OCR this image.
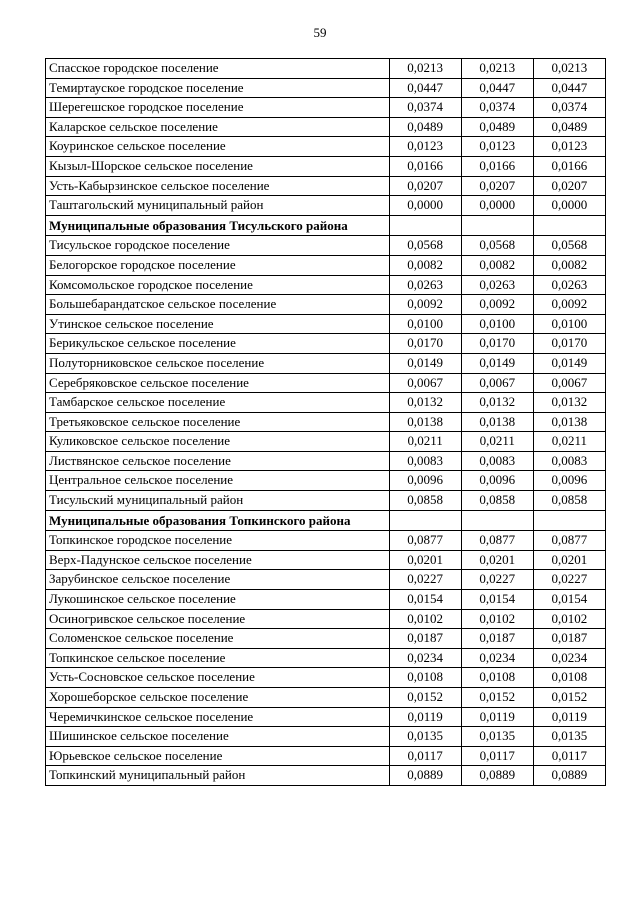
59
Спасское городское поселение	0,0213	0,0213	0,0213
Темиртауское городское поселение	0,0447	0,0447	0,0447
Шерегешское городское поселение	0,0374	0,0374	0,0374
Каларское сельское поселение	0,0489	0,0489	0,0489
Коуринское сельское поселение	0,0123	0,0123	0,0123
Кызыл-Шорское сельское поселение	0,0166	0,0166	0,0166
Усть-Кабырзинское сельское поселение	0,0207	0,0207	0,0207
Таштагольский муниципальный район	0,0000	0,0000	0,0000
Муниципальные образования Тисульского района			
Тисульское городское поселение	0,0568	0,0568	0,0568
Белогорское городское поселение	0,0082	0,0082	0,0082
Комсомольское городское поселение	0,0263	0,0263	0,0263
Большебарандатское сельское поселение	0,0092	0,0092	0,0092
Утинское сельское поселение	0,0100	0,0100	0,0100
Берикульское сельское поселение	0,0170	0,0170	0,0170
Полуторниковское сельское поселение	0,0149	0,0149	0,0149
Серебряковское сельское поселение	0,0067	0,0067	0,0067
Тамбарское сельское поселение	0,0132	0,0132	0,0132
Третьяковское сельское поселение	0,0138	0,0138	0,0138
Куликовское сельское поселение	0,0211	0,0211	0,0211
Листвянское сельское поселение	0,0083	0,0083	0,0083
Центральное сельское поселение	0,0096	0,0096	0,0096
Тисульский муниципальный район	0,0858	0,0858	0,0858
Муниципальные образования Топкинского района			
Топкинское городское поселение	0,0877	0,0877	0,0877
Верх-Падунское сельское поселение	0,0201	0,0201	0,0201
Зарубинское сельское поселение	0,0227	0,0227	0,0227
Лукошинское сельское поселение	0,0154	0,0154	0,0154
Осиногривское сельское поселение	0,0102	0,0102	0,0102
Соломенское сельское поселение	0,0187	0,0187	0,0187
Топкинское сельское поселение	0,0234	0,0234	0,0234
Усть-Сосновское сельское поселение	0,0108	0,0108	0,0108
Хорошеборское сельское поселение	0,0152	0,0152	0,0152
Черемичкинское сельское поселение	0,0119	0,0119	0,0119
Шишинское сельское поселение	0,0135	0,0135	0,0135
Юрьевское сельское поселение	0,0117	0,0117	0,0117
Топкинский муниципальный район	0,0889	0,0889	0,0889
